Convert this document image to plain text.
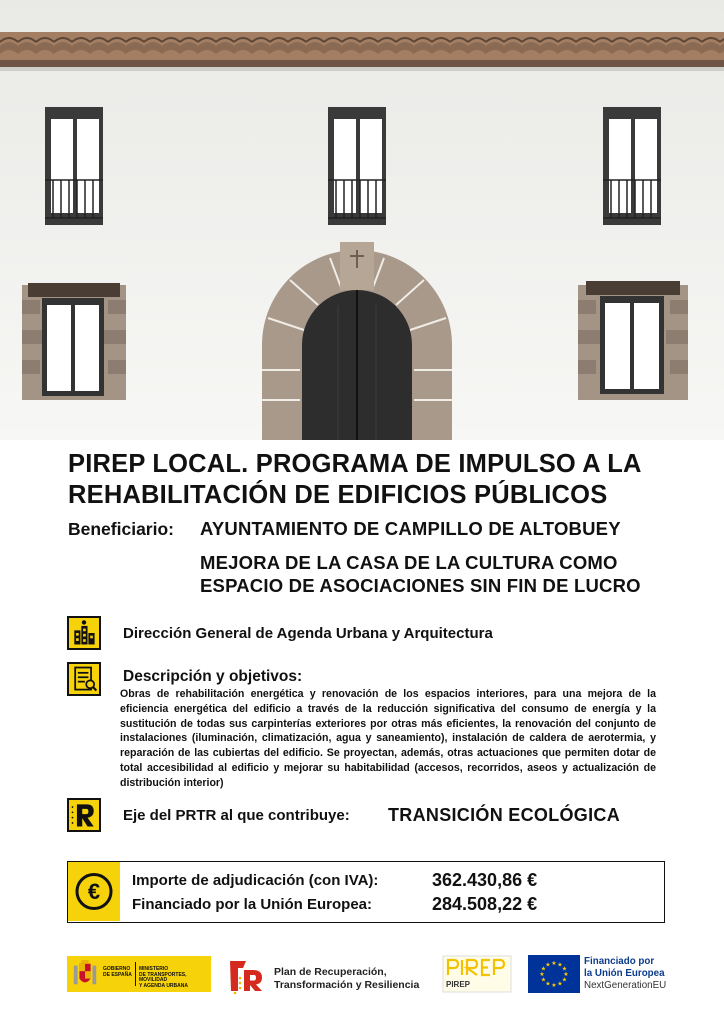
PIREP LOCAL. PROGRAMA DE IMPULSO A LA
REHABILITACIÓN DE EDIFICIOS PÚBLICOS
Beneficiario: AYUNTAMIENTO DE CAMPILLO DE ALTOBUEY
MEJORA DE LA CASA DE LA CULTURA COMO
ESPACIO DE ASOCIACIONES SIN FIN DE LUCRO
Dirección General de Agenda Urbana y Arquitectura
Descripción y objetivos:
Obras de rehabilitación energética y renovación de los espacios interiores, para una mejora de la eficiencia energética del edificio a través de la reducción significativa del consumo de energía y la sustitución de todas sus carpinterías exteriores por otras más eficientes, la renovación del conjunto de instalaciones (iluminación, climatización, agua y saneamiento), instalación de caldera de aerotermia, y reparación de las cubiertas del edificio. Se proyectan, además, otras actuaciones que permiten dotar de total accesibilidad al edificio y mejorar su habitabilidad (accesos, recorridos, aseos y actualización de distribución interior)
Eje del PRTR al que contribuye: TRANSICIÓN ECOLÓGICA
€ Importe de adjudicación (con IVA):	362.430,86 €
Financiado por la Unión Europea:	284.508,22 €
GOBIERNO
DE ESPAÑA
MINISTERIO
DE TRANSPORTES, MOVILIDAD
Y AGENDA URBANA
Plan de Recuperación,
Transformación y Resiliencia	PIREP
★ ★
★
★
★
★
★
★
★
★
★
★	Financiado por
la Unión Europea
NextGenerationEU
